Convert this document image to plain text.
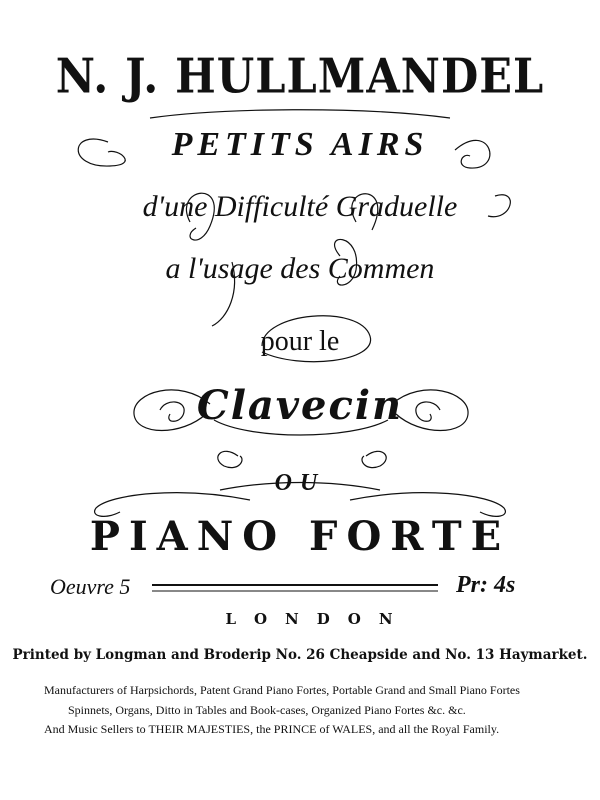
N. J. HULLMANDEL
PETITS AIRS
d'une Difficulté Graduelle
a l'usage des Commen
pour le
Clavecin
OU
PIANO FORTE
Oeuvre 5	Pr: 4s
LONDON
Printed by Longman and Broderip No. 26 Cheapside and No. 13 Haymarket.
Manufacturers of Harpsichords, Patent Grand Piano Fortes, Portable Grand and Small Piano Fortes
Spinnets, Organs, Ditto in Tables and Book-cases, Organized Piano Fortes &c. &c.
And Music Sellers to THEIR MAJESTIES, the PRINCE of WALES, and all the Royal Family.
